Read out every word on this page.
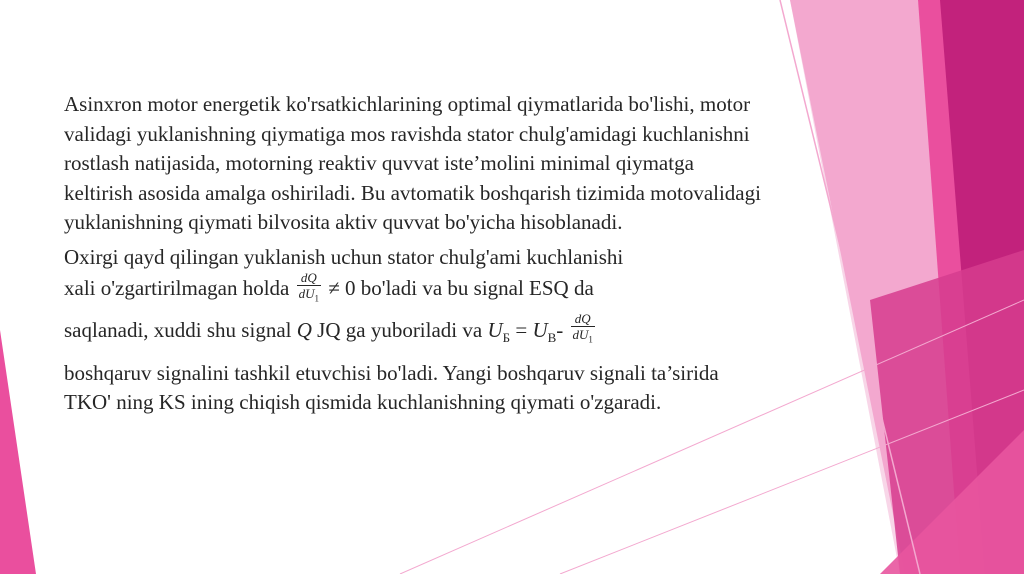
Asinxron motor energetik ko'rsatkichlarining optimal qiymatlarida bo'lishi, motor validagi yuklanishning qiymatiga mos ravishda stator chulg'amidagi kuchlanishni rostlash natijasida, motorning reaktiv quvvat iste’molini minimal qiymatga keltirish asosida amalga oshiriladi. Bu avtomatik boshqarish tizimida motovalidagi yuklanishning qiymati bilvosita aktiv quvvat bo'yicha hisoblanadi.

Oxirgi qayd qilingan yuklanish uchun stator chulg'ami kuchlanishi
xali o'zgartirilmagan holda $\frac{dQ}{dU_1} \ne 0$ bo'ladi va bu signal ESQ da
saqlanadi, xuddi shu signal Q JQ ga yuboriladi va $U_Б = U_B- \frac{dQ}{dU_1}$

boshqaruv signalini tashkil etuvchisi bo'ladi. Yangi boshqaruv signali ta’sirida TKO' ning KS ining chiqish qismida kuchlanishning qiymati o'zgaradi.
